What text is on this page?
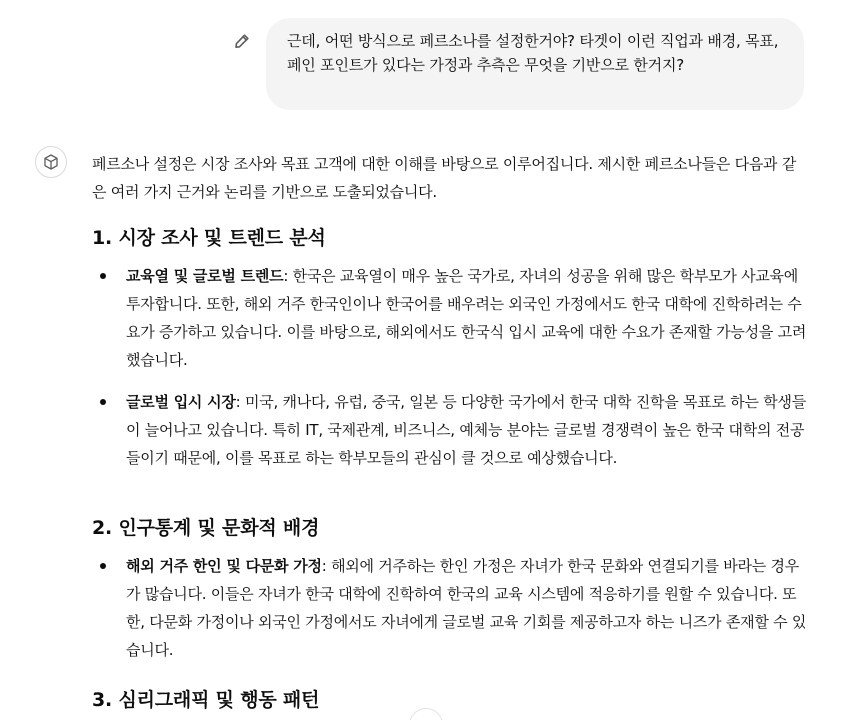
근데, 어떤 방식으로 페르소나를 설정한거야? 타겟이 이런 직업과 배경, 목표, 페인 포인트가 있다는 가정과 추측은 무엇을 기반으로 한거지?

페르소나 설정은 시장 조사와 목표 고객에 대한 이해를 바탕으로 이루어집니다. 제시한 페르소나들은 다음과 같은 여러 가지 근거와 논리를 기반으로 도출되었습니다.

1. 시장 조사 및 트렌드 분석
교육열 및 글로벌 트렌드: 한국은 교육열이 매우 높은 국가로, 자녀의 성공을 위해 많은 학부모가 사교육에 투자합니다. 또한, 해외 거주 한국인이나 한국어를 배우려는 외국인 가정에서도 한국 대학에 진학하려는 수요가 증가하고 있습니다. 이를 바탕으로, 해외에서도 한국식 입시 교육에 대한 수요가 존재할 가능성을 고려했습니다.
글로벌 입시 시장: 미국, 캐나다, 유럽, 중국, 일본 등 다양한 국가에서 한국 대학 진학을 목표로 하는 학생들이 늘어나고 있습니다. 특히 IT, 국제관계, 비즈니스, 예체능 분야는 글로벌 경쟁력이 높은 한국 대학의 전공들이기 때문에, 이를 목표로 하는 학부모들의 관심이 클 것으로 예상했습니다.
2. 인구통계 및 문화적 배경
해외 거주 한인 및 다문화 가정: 해외에 거주하는 한인 가정은 자녀가 한국 문화와 연결되기를 바라는 경우가 많습니다. 이들은 자녀가 한국 대학에 진학하여 한국의 교육 시스템에 적응하기를 원할 수 있습니다. 또한, 다문화 가정이나 외국인 가정에서도 자녀에게 글로벌 교육 기회를 제공하고자 하는 니즈가 존재할 수 있습니다.
3. 심리그래픽 및 행동 패턴
